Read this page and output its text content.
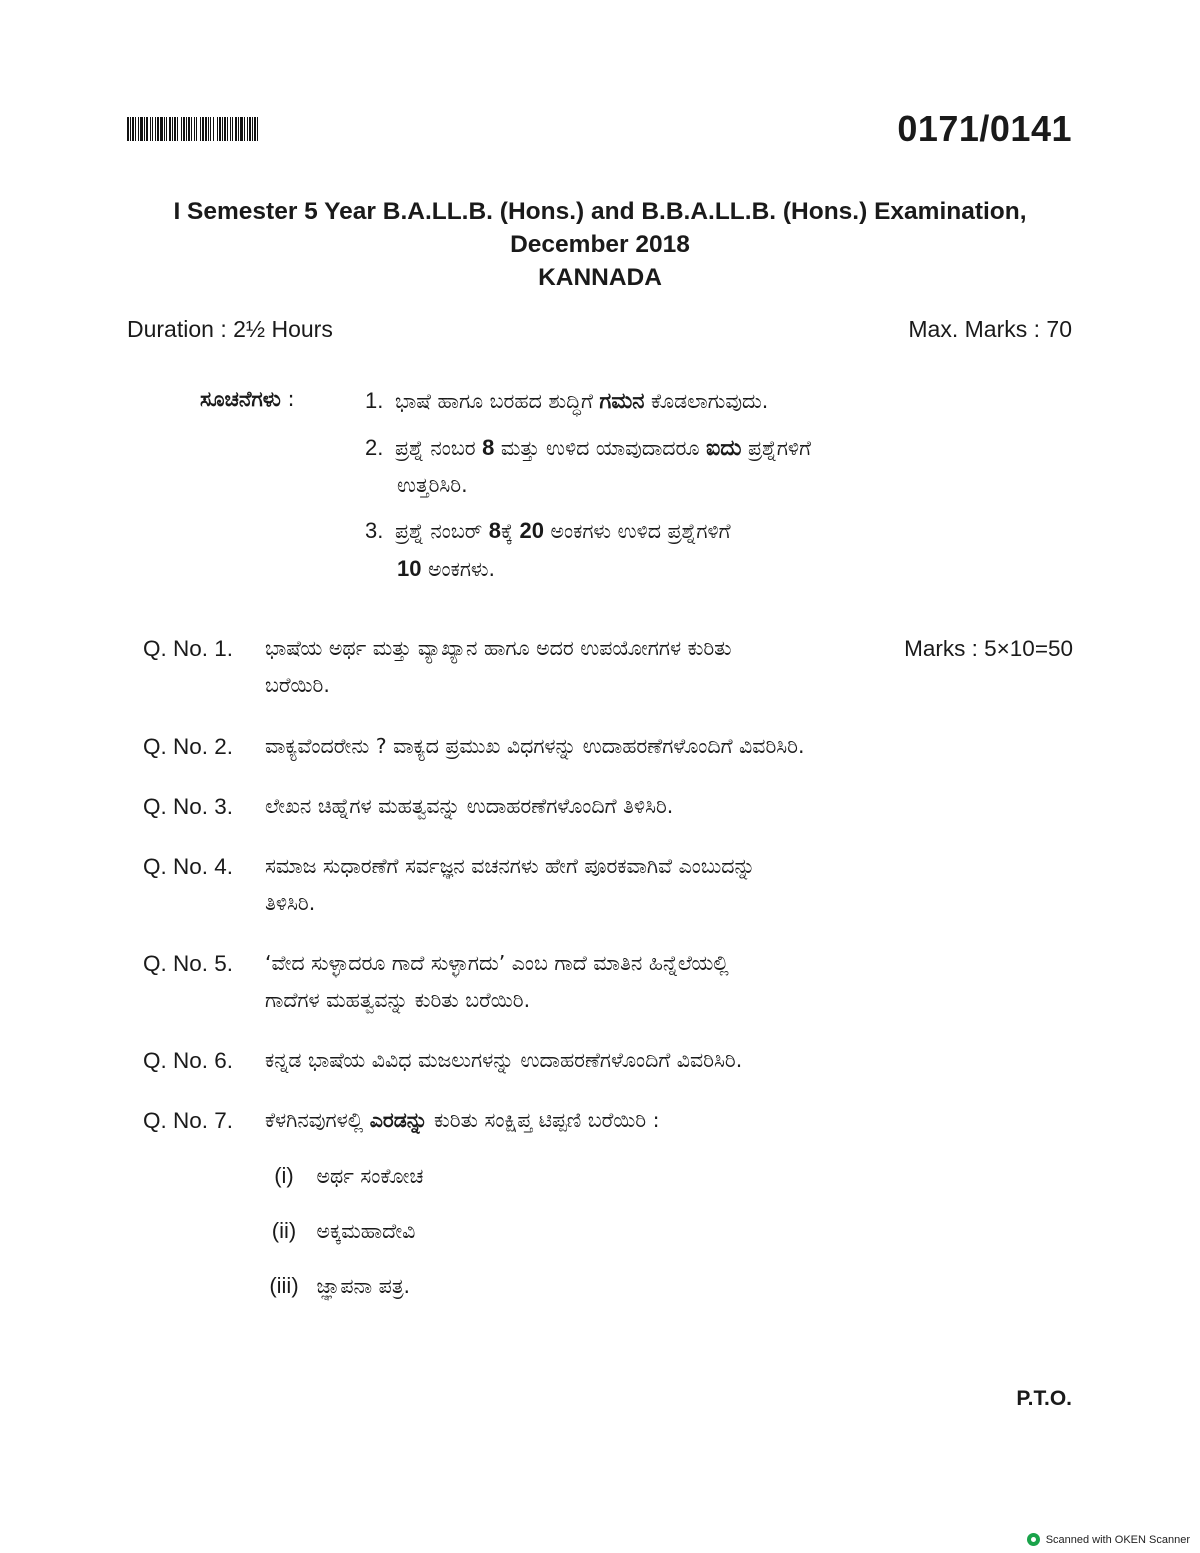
0171/0141
I Semester 5 Year B.A.LL.B. (Hons.) and B.B.A.LL.B. (Hons.) Examination,
December 2018
KANNADA
Duration : 2½ Hours	Max. Marks : 70
ಸೂಚನೆಗಳು :	1. ಭಾಷೆ ಹಾಗೂ ಬರಹದ ಶುದ್ಧಿಗೆ ಗಮನ ಕೊಡಲಾಗುವುದು.
2. ಪ್ರಶ್ನೆ ನಂಬರ 8 ಮತ್ತು ಉಳಿದ ಯಾವುದಾದರೂ ಐದು ಪ್ರಶ್ನೆಗಳಿಗೆ
ಉತ್ತರಿಸಿರಿ.
3. ಪ್ರಶ್ನೆ ನಂಬರ್ 8ಕ್ಕೆ 20 ಅಂಕಗಳು ಉಳಿದ ಪ್ರಶ್ನೆಗಳಿಗೆ
10 ಅಂಕಗಳು.
Q. No. 1. ಭಾಷೆಯ ಅರ್ಥ ಮತ್ತು ವ್ಯಾಖ್ಯಾನ ಹಾಗೂ ಅದರ ಉಪಯೋಗಗಳ ಕುರಿತು
ಬರೆಯಿರಿ.
Marks : 5×10=50
Q. No. 2. ವಾಕ್ಯವೆಂದರೇನು ? ವಾಕ್ಯದ ಪ್ರಮುಖ ವಿಧಗಳನ್ನು ಉದಾಹರಣೆಗಳೊಂದಿಗೆ ವಿವರಿಸಿರಿ.
Q. No. 3. ಲೇಖನ ಚಿಹ್ನೆಗಳ ಮಹತ್ವವನ್ನು ಉದಾಹರಣೆಗಳೊಂದಿಗೆ ತಿಳಿಸಿರಿ.
Q. No. 4. ಸಮಾಜ ಸುಧಾರಣೆಗೆ ಸರ್ವಜ್ಞನ ವಚನಗಳು ಹೇಗೆ ಪೂರಕವಾಗಿವೆ ಎಂಬುದನ್ನು
ತಿಳಿಸಿರಿ.
Q. No. 5. ‘ವೇದ ಸುಳ್ಳಾದರೂ ಗಾದೆ ಸುಳ್ಳಾಗದು’ ಎಂಬ ಗಾದೆ ಮಾತಿನ ಹಿನ್ನೆಲೆಯಲ್ಲಿ
ಗಾದೆಗಳ ಮಹತ್ವವನ್ನು ಕುರಿತು ಬರೆಯಿರಿ.
Q. No. 6. ಕನ್ನಡ ಭಾಷೆಯ ವಿವಿಧ ಮಜಲುಗಳನ್ನು ಉದಾಹರಣೆಗಳೊಂದಿಗೆ ವಿವರಿಸಿರಿ.
Q. No. 7. ಕೆಳಗಿನವುಗಳಲ್ಲಿ ಎರಡನ್ನು ಕುರಿತು ಸಂಕ್ಷಿಪ್ತ ಟಿಪ್ಪಣಿ ಬರೆಯಿರಿ :
(i) ಅರ್ಥ ಸಂಕೋಚ
(ii) ಅಕ್ಕಮಹಾದೇವಿ
(iii) ಜ್ಞಾಪನಾ ಪತ್ರ.
P.T.O.
Scanned with OKEN Scanner
